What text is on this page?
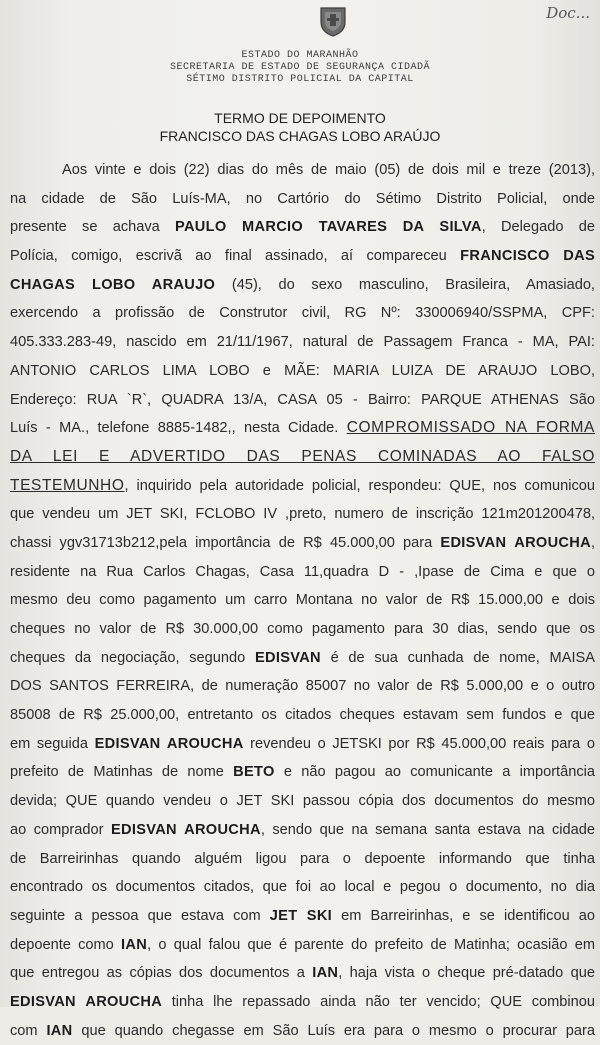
Doc...
ESTADO DO MARANHÃO
SECRETARIA DE ESTADO DE SEGURANÇA CIDADÃ
SÉTIMO DISTRITO POLICIAL DA CAPITAL
TERMO DE DEPOIMENTO
FRANCISCO DAS CHAGAS LOBO ARAÚJO
Aos vinte e dois (22) dias do mês de maio (05) de dois mil e treze (2013),
na cidade de São Luís-MA, no Cartório do Sétimo Distrito Policial, onde
presente se achava PAULO MARCIO TAVARES DA SILVA, Delegado de
Polícia, comigo, escrivã ao final assinado, aí compareceu FRANCISCO DAS
CHAGAS LOBO ARAUJO (45), do sexo masculino, Brasileira, Amasiado,
exercendo a profissão de Construtor civil, RG Nº: 330006940/SSPMA, CPF:
405.333.283-49, nascido em 21/11/1967, natural de Passagem Franca - MA, PAI:
ANTONIO CARLOS LIMA LOBO e MÃE: MARIA LUIZA DE ARAUJO LOBO,
Endereço: RUA `R`, QUADRA 13/A, CASA 05 - Bairro: PARQUE ATHENAS São
Luís - MA., telefone 8885-1482,, nesta Cidade. COMPROMISSADO NA FORMA
DA LEI E ADVERTIDO DAS PENAS COMINADAS AO FALSO
TESTEMUNHO, inquirido pela autoridade policial, respondeu: QUE, nos comunicou
que vendeu um JET SKI, FCLOBO IV ,preto, numero de inscrição 121m201200478,
chassi ygv31713b212,pela importância de R$ 45.000,00 para EDISVAN AROUCHA,
residente na Rua Carlos Chagas, Casa 11,quadra D - ,Ipase de Cima e que o
mesmo deu como pagamento um carro Montana no valor de R$ 15.000,00 e dois
cheques no valor de R$ 30.000,00 como pagamento para 30 dias, sendo que os
cheques da negociação, segundo EDISVAN é de sua cunhada de nome, MAISA
DOS SANTOS FERREIRA, de numeração 85007 no valor de R$ 5.000,00 e o outro
85008 de R$ 25.000,00, entretanto os citados cheques estavam sem fundos e que
em seguida EDISVAN AROUCHA revendeu o JETSKI por R$ 45.000,00 reais para o
prefeito de Matinhas de nome BETO e não pagou ao comunicante a importância
devida; QUE quando vendeu o JET SKI passou cópia dos documentos do mesmo
ao comprador EDISVAN AROUCHA, sendo que na semana santa estava na cidade
de Barreirinhas quando alguém ligou para o depoente informando que tinha
encontrado os documentos citados, que foi ao local e pegou o documento, no dia
seguinte a pessoa que estava com JET SKI em Barreirinhas, e se identificou ao
depoente como IAN, o qual falou que é parente do prefeito de Matinha; ocasião em
que entregou as cópias dos documentos a IAN, haja vista o cheque pré-datado que
EDISVAN AROUCHA tinha lhe repassado ainda não ter vencido; QUE combinou
com IAN que quando chegasse em São Luís era para o mesmo o procurar para
